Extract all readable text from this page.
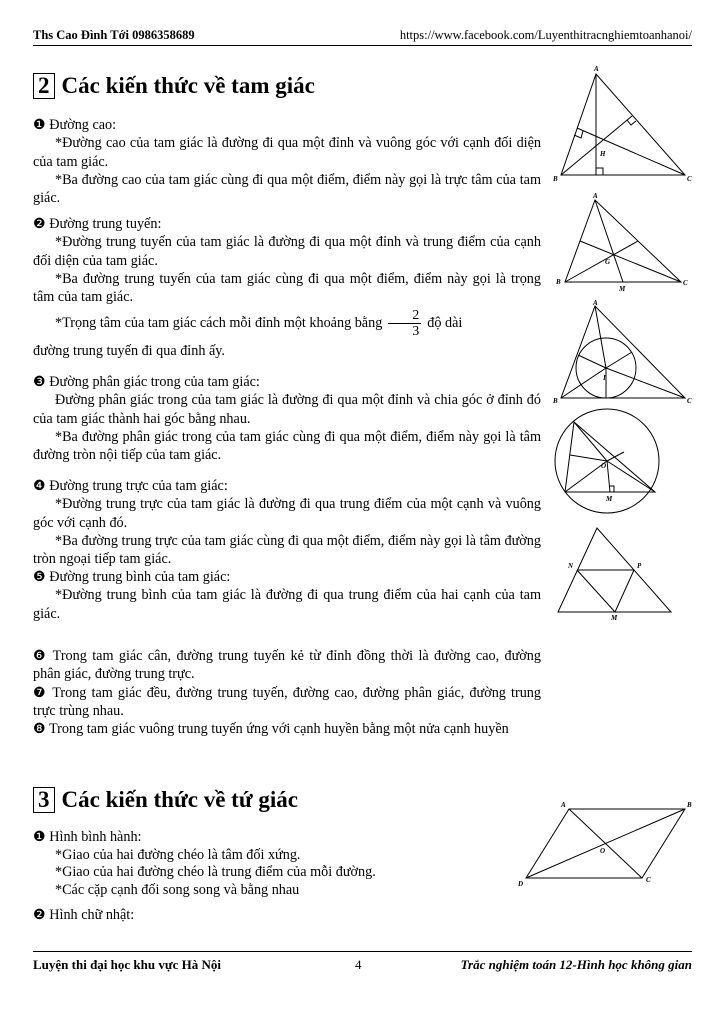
Ths Cao Đình Tới 0986358689	https://www.facebook.com/Luyenthitracnghiemtoanhanoi/
2 Các kiến thức về tam giác

❶ Đường cao:

*Đường cao của tam giác là đường đi qua một đỉnh và vuông góc với cạnh đối diện của tam giác.

*Ba đường cao của tam giác cùng đi qua một điểm, điểm này gọi là trực tâm của tam giác.

❷ Đường trung tuyến:

*Đường trung tuyến của tam giác là đường đi qua một đỉnh và trung điểm của cạnh đối diện của tam giác.

*Ba đường trung tuyến của tam giác cùng đi qua một điểm, điểm này gọi là trọng tâm của tam giác.

*Trọng tâm của tam giác cách mỗi đỉnh một khoảng bằng $\frac{2}{3}$ độ dài

đường trung tuyến đi qua đỉnh ấy.

❸ Đường phân giác trong của tam giác:

Đường phân giác trong của tam giác là đường đi qua một đỉnh và chia góc ở đỉnh đó của tam giác thành hai góc bằng nhau.

*Ba đường phân giác trong của tam giác cùng đi qua một điểm, điểm này gọi là tâm đường tròn nội tiếp của tam giác.

❹ Đường trung trực của tam giác:

*Đường trung trực của tam giác là đường đi qua trung điểm của một cạnh và vuông góc với cạnh đó.

*Ba đường trung trực của tam giác cùng đi qua một điểm, điểm này gọi là tâm đường tròn ngoại tiếp tam giác.

❺ Đường trung bình của tam giác:

*Đường trung bình của tam giác là đường đi qua trung điểm của hai cạnh của tam giác.

❻ Trong tam giác cân, đường trung tuyến kẻ từ đỉnh đồng thời là đường cao, đường phân giác, đường trung trực.

❼ Trong tam giác đều, đường trung tuyến, đường cao, đường phân giác, đường trung trực trùng nhau.

❽ Trong tam giác vuông trung tuyến ứng với cạnh huyền bằng một nửa cạnh huyền

3 Các kiến thức về tứ giác

❶ Hình bình hành:

*Giao của hai đường chéo là tâm đối xứng.

*Giao của hai đường chéo là trung điểm của mỗi đường.

*Các cặp cạnh đối song song và bằng nhau

❷ Hình chữ nhật:

A
B	C
H
A
B	C
G
M
A
B	C
I
O
M
N	P
M
A	B
C
D
O
Luyện thi đại học khu vực Hà Nội	4	Trắc nghiệm toán 12-Hình học không gian
